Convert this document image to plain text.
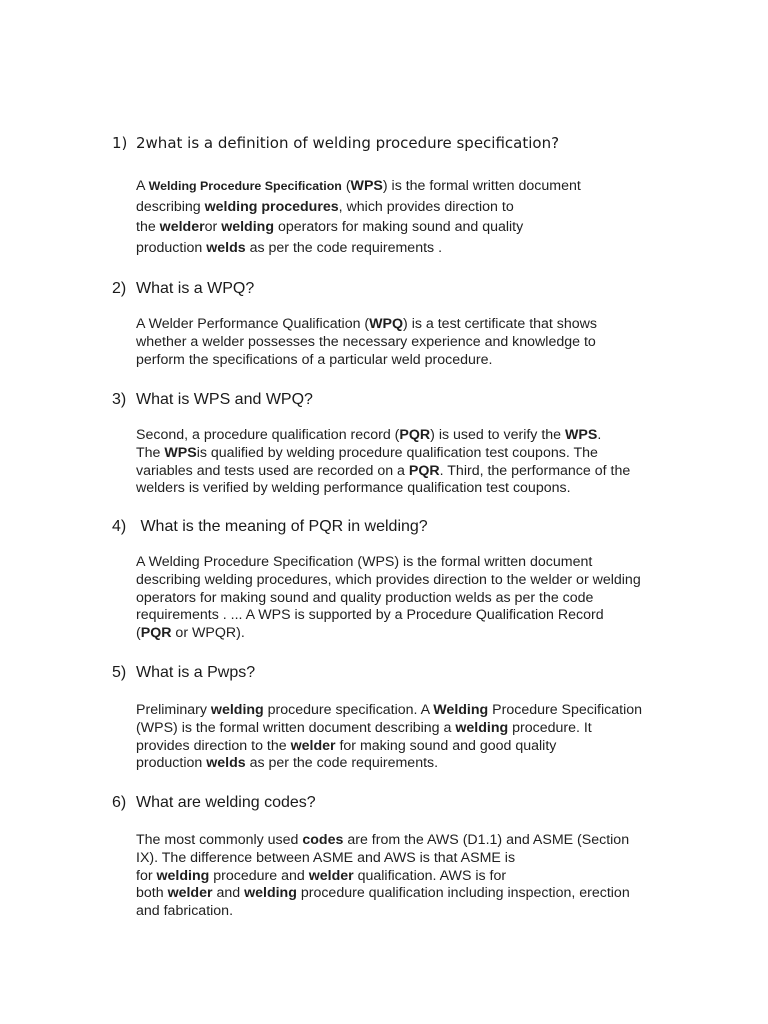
1) 2what is a definition of welding procedure specification?

A Welding Procedure Specification (WPS) is the formal written document

describing welding procedures, which provides direction to

the welderor welding operators for making sound and quality

production welds as per the code requirements .

2) What is a WPQ?

A Welder Performance Qualification (WPQ) is a test certificate that shows

whether a welder possesses the necessary experience and knowledge to

perform the specifications of a particular weld procedure.

3) What is WPS and WPQ?

Second, a procedure qualification record (PQR) is used to verify the WPS.

The WPSis qualified by welding procedure qualification test coupons. The

variables and tests used are recorded on a PQR. Third, the performance of the

welders is verified by welding performance qualification test coupons.

4) What is the meaning of PQR in welding?

A Welding Procedure Specification (WPS) is the formal written document

describing welding procedures, which provides direction to the welder or welding

operators for making sound and quality production welds as per the code

requirements . ... A WPS is supported by a Procedure Qualification Record

(PQR or WPQR).

5) What is a Pwps?

Preliminary welding procedure specification. A Welding Procedure Specification

(WPS) is the formal written document describing a welding procedure. It

provides direction to the welder for making sound and good quality

production welds as per the code requirements.

6) What are welding codes?

The most commonly used codes are from the AWS (D1.1) and ASME (Section

IX). The difference between ASME and AWS is that ASME is

for welding procedure and welder qualification. AWS is for

both welder and welding procedure qualification including inspection, erection

and fabrication.
